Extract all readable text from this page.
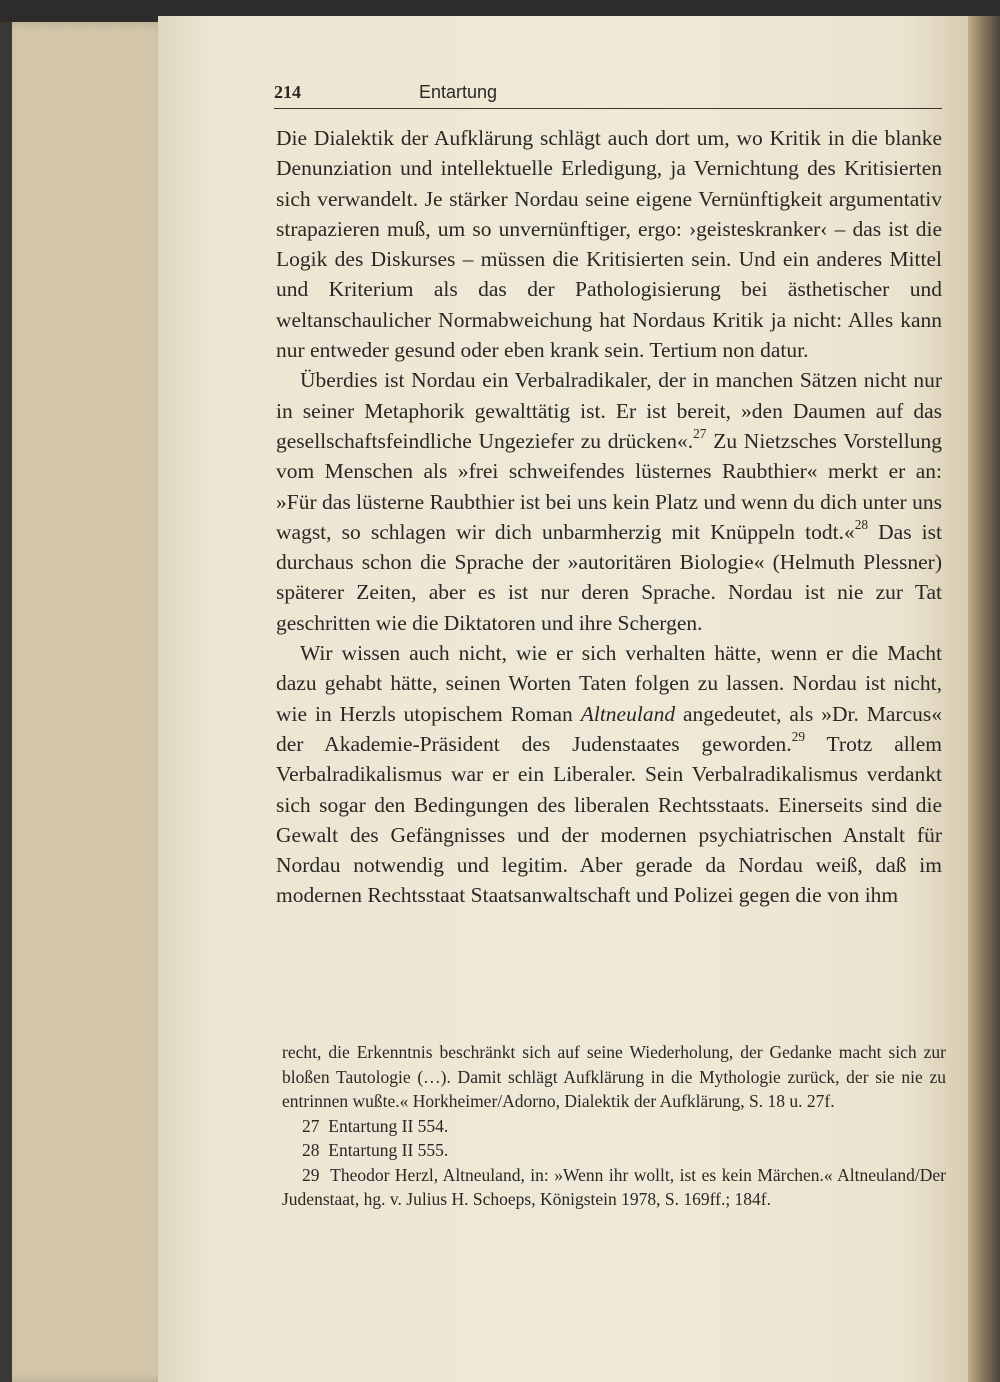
214	Entartung

Die Dialektik der Aufklärung schlägt auch dort um, wo Kritik in die blanke Denunziation und intellektuelle Erledigung, ja Vernichtung des Kritisierten sich verwandelt. Je stärker Nordau seine eigene Vernünftigkeit argumentativ strapazieren muß, um so unvernünftiger, ergo: ›geisteskranker‹ – das ist die Logik des Diskurses – müssen die Kritisierten sein. Und ein anderes Mittel und Kriterium als das der Pathologisierung bei ästhetischer und weltanschaulicher Normabweichung hat Nordaus Kritik ja nicht: Alles kann nur entweder gesund oder eben krank sein. Tertium non datur.

Überdies ist Nordau ein Verbalradikaler, der in manchen Sätzen nicht nur in seiner Metaphorik gewalttätig ist. Er ist bereit, »den Daumen auf das gesellschaftsfeindliche Ungeziefer zu drücken«.$^{27}$ Zu Nietzsches Vorstellung vom Menschen als »frei schweifendes lüsternes Raubthier« merkt er an: »Für das lüsterne Raubthier ist bei uns kein Platz und wenn du dich unter uns wagst, so schlagen wir dich unbarmherzig mit Knüppeln todt.«$^{28}$ Das ist durchaus schon die Sprache der »autoritären Biologie« (Helmuth Plessner) späterer Zeiten, aber es ist nur deren Sprache. Nordau ist nie zur Tat geschritten wie die Diktatoren und ihre Schergen.

Wir wissen auch nicht, wie er sich verhalten hätte, wenn er die Macht dazu gehabt hätte, seinen Worten Taten folgen zu lassen. Nordau ist nicht, wie in Herzls utopischem Roman Altneuland angedeutet, als »Dr. Marcus« der Akademie-Präsident des Judenstaates geworden.$^{29}$ Trotz allem Verbalradikalismus war er ein Liberaler. Sein Verbalradikalismus verdankt sich sogar den Bedingungen des liberalen Rechtsstaats. Einerseits sind die Gewalt des Gefängnisses und der modernen psychiatrischen Anstalt für Nordau notwendig und legitim. Aber gerade da Nordau weiß, daß im modernen Rechtsstaat Staatsanwaltschaft und Polizei gegen die von ihm

recht, die Erkenntnis beschränkt sich auf seine Wiederholung, der Gedanke macht sich zur bloßen Tautologie (…). Damit schlägt Aufklärung in die Mythologie zurück, der sie nie zu entrinnen wußte.« Horkheimer/Adorno, Dialektik der Aufklärung, S. 18 u. 27f.

27 Entartung II 554.

28 Entartung II 555.

29 Theodor Herzl, Altneuland, in: »Wenn ihr wollt, ist es kein Märchen.« Altneuland/Der Judenstaat, hg. v. Julius H. Schoeps, Königstein 1978, S. 169ff.; 184f.
